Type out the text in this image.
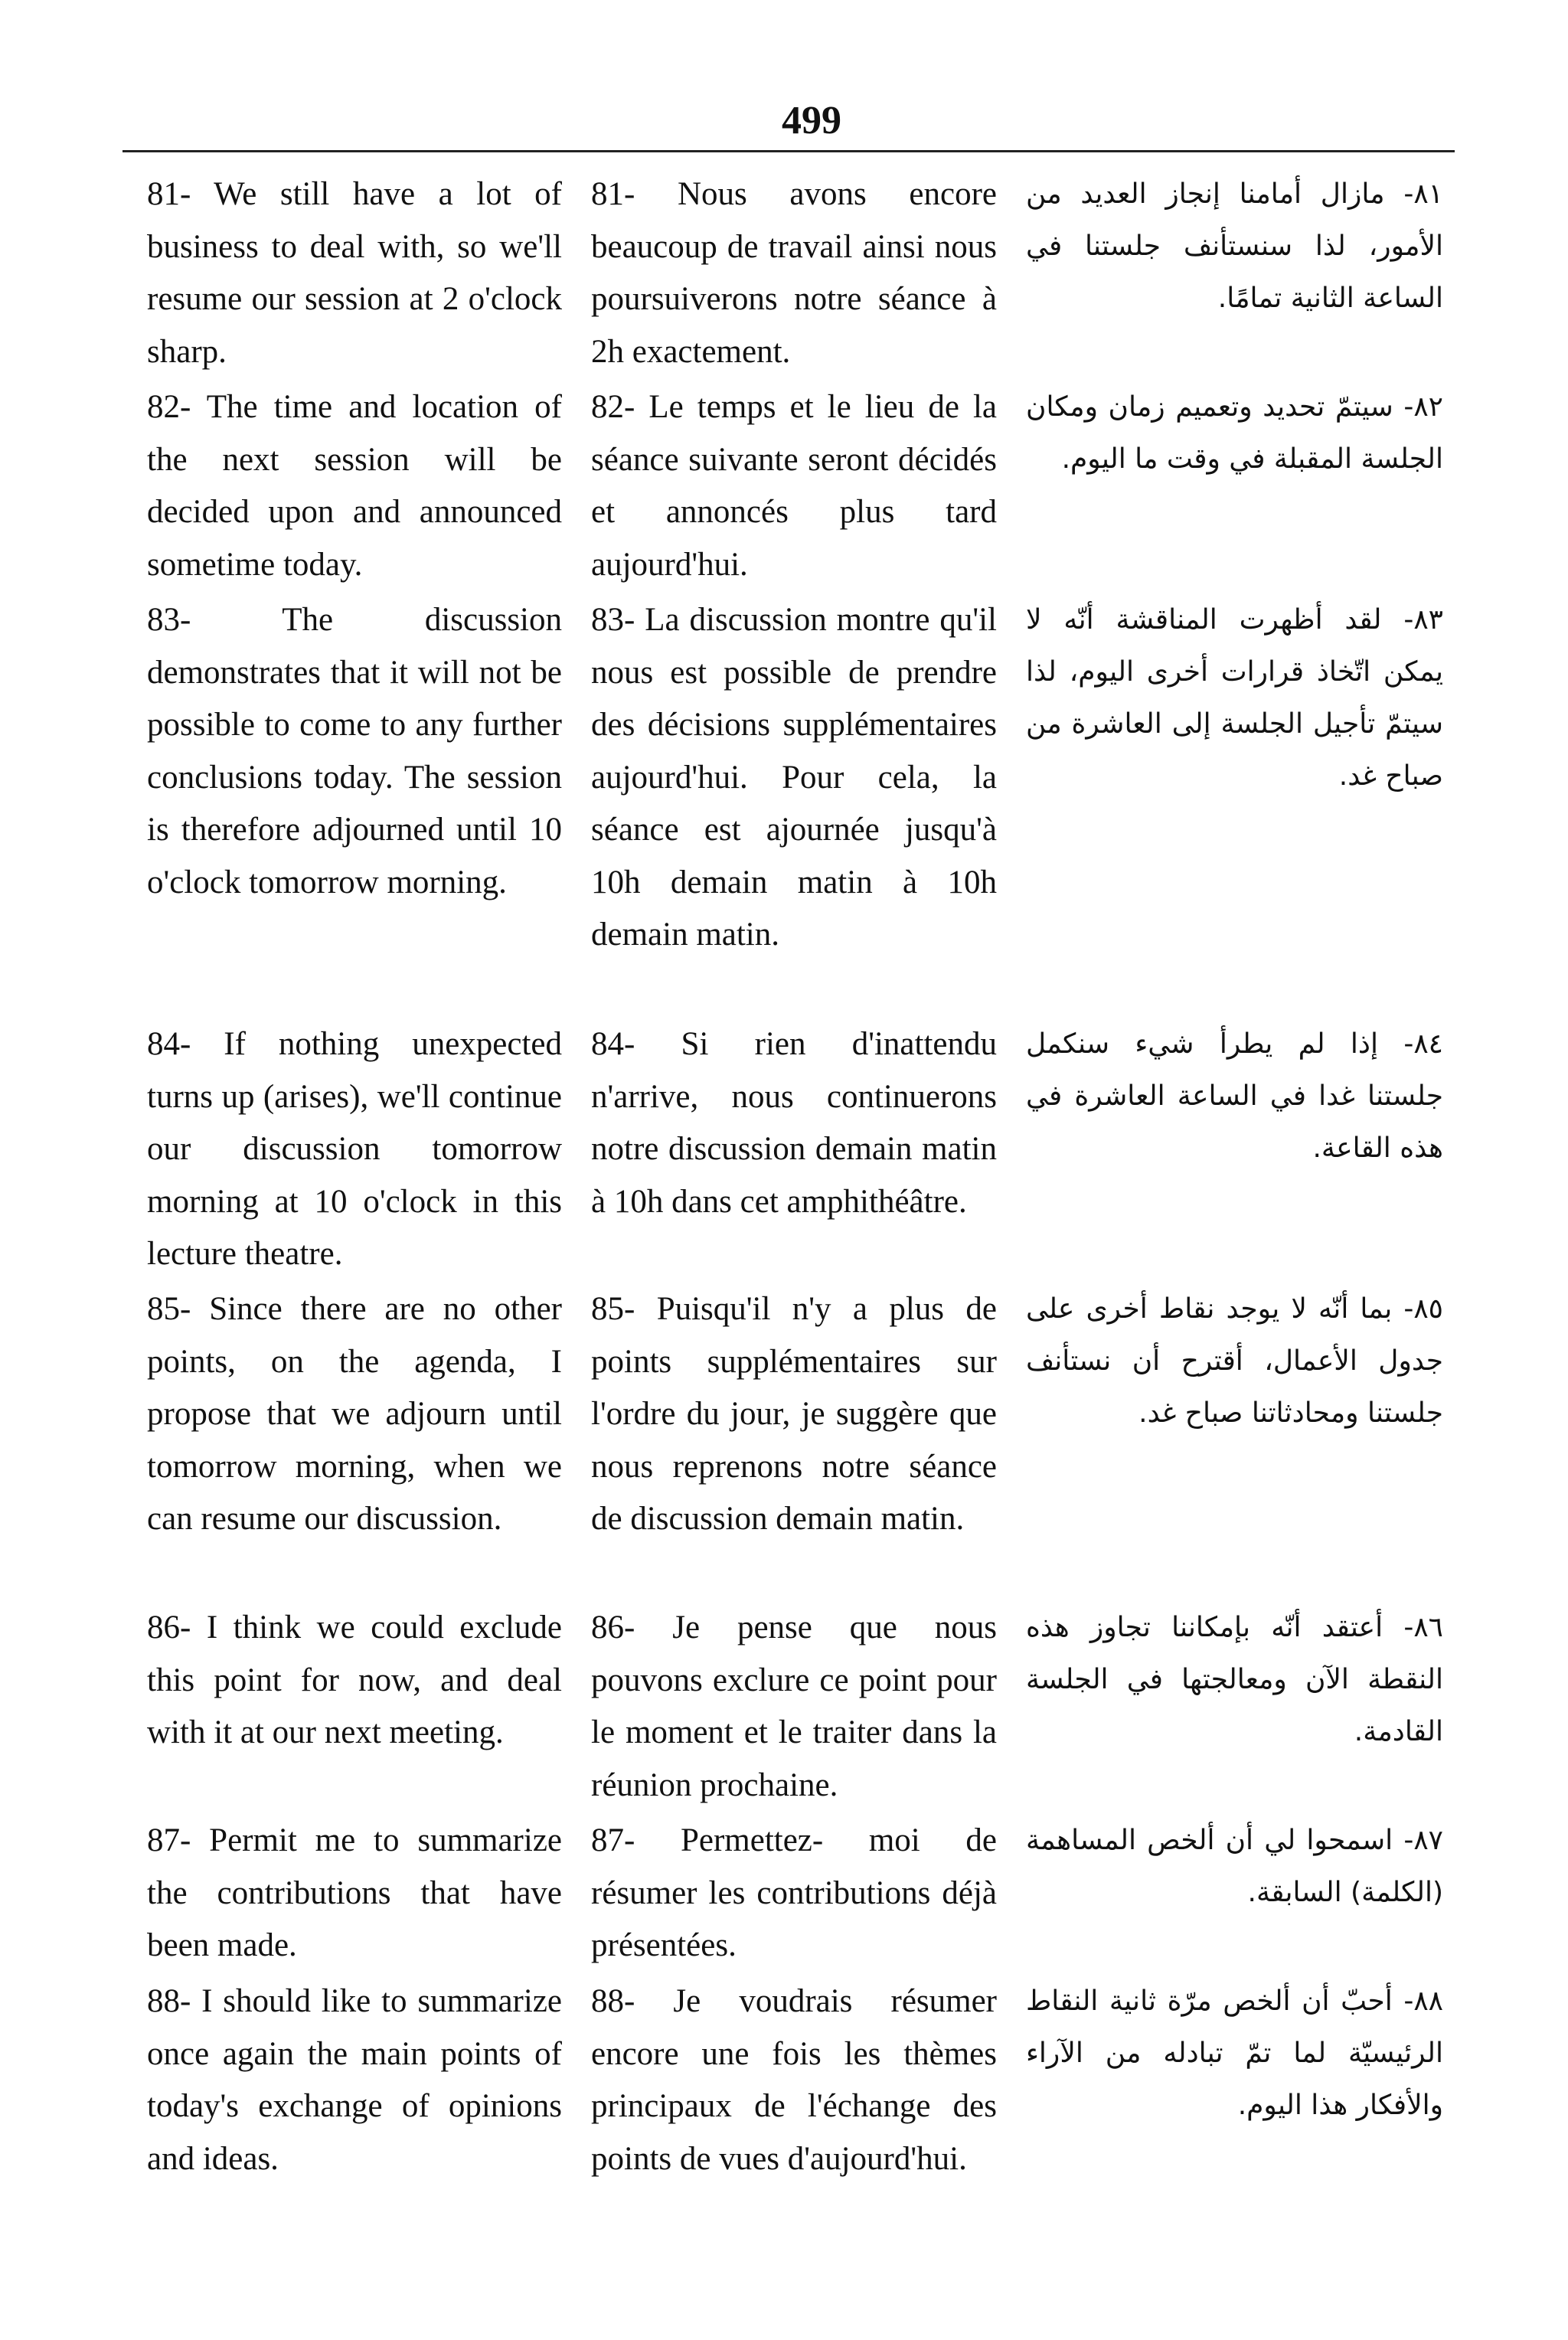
499
81- We still have a lot of business to deal with, so we'll resume our session at 2 o'clock sharp.
81- Nous avons encore beaucoup de travail ainsi nous poursuiverons notre séance à 2h exactement.
٨١- مازال أمامنا إنجاز العديد من الأمور، لذا سنستأنف جلستنا في الساعة الثانية تمامًا.
82- The time and location of the next session will be decided upon and announced sometime today.
82- Le temps et le lieu de la séance suivante seront décidés et annoncés plus tard aujourd'hui.
٨٢- سيتمّ تحديد وتعميم زمان ومكان الجلسة المقبلة في وقت ما اليوم.
83- The discussion demonstrates that it will not be possible to come to any further conclusions today. The session is therefore adjourned until 10 o'clock tomorrow morning.
83- La discussion montre qu'il nous est possible de prendre des décisions supplémentaires aujourd'hui. Pour cela, la séance est ajournée jusqu'à 10h demain matin à 10h demain matin.
٨٣- لقد أظهرت المناقشة أنّه لا يمكن اتّخاذ قرارات أخرى اليوم، لذا سيتمّ تأجيل الجلسة إلى العاشرة من صباح غد.
84- If nothing unexpected turns up (arises), we'll continue our discussion tomorrow morning at 10 o'clock in this lecture theatre.
84- Si rien d'inattendu n'arrive, nous continuerons notre discussion demain matin à 10h dans cet amphithéâtre.
٨٤- إذا لم يطرأ شيء سنكمل جلستنا غدا في الساعة العاشرة في هذه القاعة.
85- Since there are no other points, on the agenda, I propose that we adjourn until tomorrow morning, when we can resume our discussion.
85- Puisqu'il n'y a plus de points supplémentaires sur l'ordre du jour, je suggère que nous reprenons notre séance de discussion demain matin.
٨٥- بما أنّه لا يوجد نقاط أخرى على جدول الأعمال، أقترح أن نستأنف جلستنا ومحادثاتنا صباح غد.
86- I think we could exclude this point for now, and deal with it at our next meeting.
86- Je pense que nous pouvons exclure ce point pour le moment et le traiter dans la réunion prochaine.
٨٦- أعتقد أنّه بإمكاننا تجاوز هذه النقطة الآن ومعالجتها في الجلسة القادمة.
87- Permit me to summarize the contributions that have been made.
87- Permettez- moi de résumer les contributions déjà présentées.
٨٧- اسمحوا لي أن ألخص المساهمة (الكلمة) السابقة.
88- I should like to summarize once again the main points of today's exchange of opinions and ideas.
88- Je voudrais résumer encore une fois les thèmes principaux de l'échange des points de vues d'aujourd'hui.
٨٨- أحبّ أن ألخص مرّة ثانية النقاط الرئيسيّة لما تمّ تبادله من الآراء والأفكار هذا اليوم.
